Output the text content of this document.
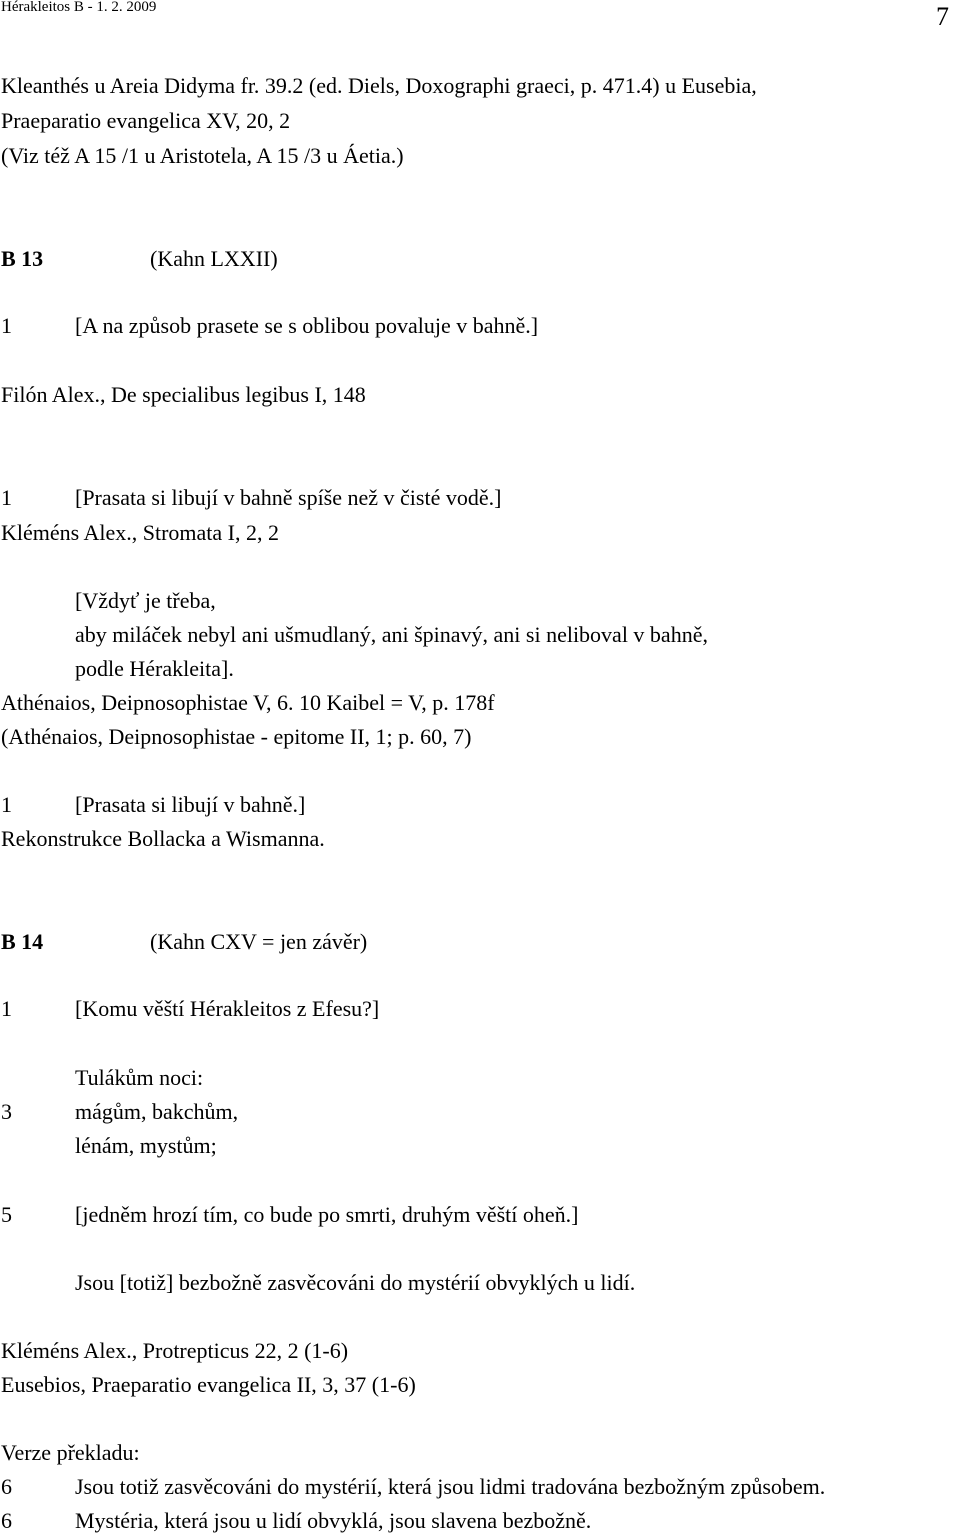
Hérakleitos B - 1. 2. 2009	7
Kleanthés u Areia Didyma fr. 39.2 (ed. Diels, Doxographi graeci, p. 471.4) u Eusebia,
Praeparatio evangelica XV, 20, 2
(Viz též A 15 /1 u Aristotela, A 15 /3 u Áetia.)
B 13	(Kahn LXXII)
1	[A na způsob prasete se s oblibou povaluje v bahně.]
Filón Alex., De specialibus legibus I, 148
1	[Prasata si libují v bahně spíše než v čisté vodě.]
Kléméns Alex., Stromata I, 2, 2
[Vždyť je třeba,
aby miláček nebyl ani ušmudlaný, ani špinavý, ani si neliboval v bahně,
podle Hérakleita].
Athénaios, Deipnosophistae V, 6. 10 Kaibel = V, p. 178f
(Athénaios, Deipnosophistae - epitome II, 1; p. 60, 7)
1	[Prasata si libují v bahně.]
Rekonstrukce Bollacka a Wismanna.
B 14	(Kahn CXV = jen závěr)
1	[Komu věští Hérakleitos z Efesu?]
Tulákům noci:
3	mágům, bakchům,
lénám, mystům;
5	[jedněm hrozí tím, co bude po smrti, druhým věští oheň.]
Jsou [totiž] bezbožně zasvěcováni do mystérií obvyklých u lidí.
Kléméns Alex., Protrepticus 22, 2 (1-6)
Eusebios, Praeparatio evangelica II, 3, 37 (1-6)
Verze překladu:
6	Jsou totiž zasvěcováni do mystérií, která jsou lidmi tradována bezbožným způsobem.
6	Mystéria, která jsou u lidí obvyklá, jsou slavena bezbožně.
